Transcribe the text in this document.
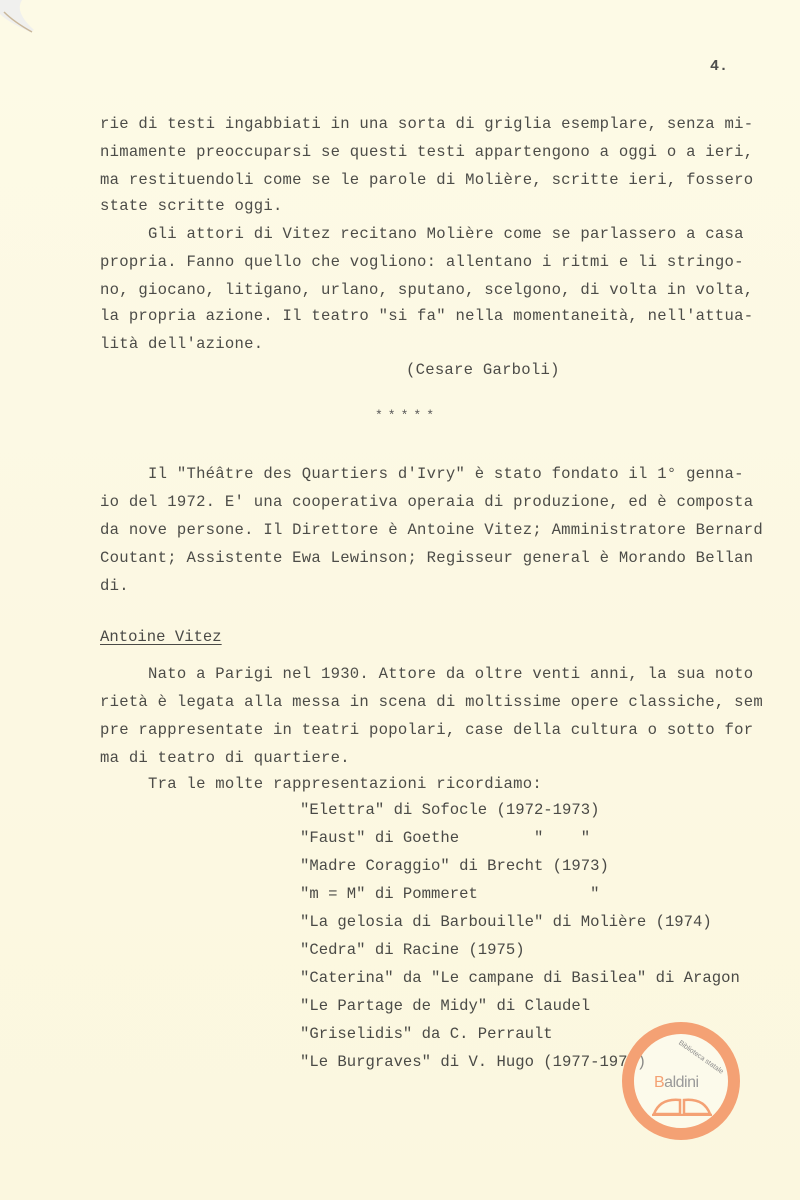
4.
rie di testi ingabbiati in una sorta di griglia esemplare, senza mi-
nimamente preoccuparsi se questi testi appartengono a oggi o a ieri,
ma restituendoli come se le parole di Molière, scritte ieri, fossero
state scritte oggi.
Gli attori di Vitez recitano Molière come se parlassero a casa
propria. Fanno quello che vogliono: allentano i ritmi e li stringo-
no, giocano, litigano, urlano, sputano, scelgono, di volta in volta,
la propria azione. Il teatro "si fa" nella momentaneità, nell'attua-
lità dell'azione.
(Cesare Garboli)
*****
Il "Théâtre des Quartiers d'Ivry" è stato fondato il 1° genna-
io del 1972. E' una cooperativa operaia di produzione, ed è composta
da nove persone. Il Direttore è Antoine Vitez; Amministratore Bernard
Coutant; Assistente Ewa Lewinson; Regisseur general è Morando Bellan
di.
Antoine Vitez
Nato a Parigi nel 1930. Attore da oltre venti anni, la sua noto
rietà è legata alla messa in scena di moltissime opere classiche, sem
pre rappresentate in teatri popolari, case della cultura o sotto for
ma di teatro di quartiere.
Tra le molte rappresentazioni ricordiamo:
"Elettra" di Sofocle (1972-1973)
"Faust" di Goethe        "    "
"Madre Coraggio" di Brecht (1973)
"m = M" di Pommeret            "
"La gelosia di Barbouille" di Molière (1974)
"Cedra" di Racine (1975)
"Caterina" da "Le campane di Basilea" di Aragon
"Le Partage de Midy" di Claudel
"Griselidis" da C. Perrault
"Le Burgraves" di V. Hugo (1977-1978)	Biblioteca statale
Baldini
